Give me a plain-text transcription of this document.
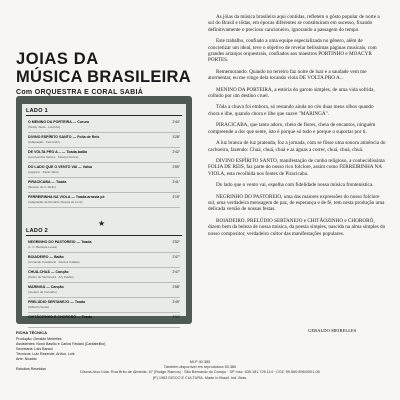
JOIAS DA
MÚSICA BRASILEIRA
Com ORQUESTRA E CORAL SABIÁ
LADO 1
O MENINO DA PORTEIRA — Cururu
(Teddy Vieira · Luizinho)
2'44"
DIVINO ESPÍRITO SANTO — Folia de Reis
(Adaptação · Fernando)
3'28"
DE VOLTA PRO A... — Toada-baião
(Lourival dos Santos · Moacyr Portes)
2'42"
DO LADO QUE O VENTO VAI — Valsa
(Agripino · Paulo Taba)
2'59"
PIRACICABA — Toada
(Newton de A. Mello)
2'41"
FERREIRINHA NA VIOLA — Toada-arrasta pé
(Adaptação de Ronaldo Taveira de Lima)
2'19"
★
LADO 2
NEGRINHO DO PASTOREIO — Toada
(L. C. Barbosa Lessa)
2'52"
BOIADEIRO — Baião
(Armando Cavalcanti · Klécius Caldas)
2'47"
CHUÁ-CHUÁ — Canção
(Pedro de Sá Pereira · Ary Pavão)
2'47"
MARINGÁ — Canção
(Joubert de Carvalho)
2'58"
PRELÚDIO SERTANEJO — Toada
(Gilberto Souto)
2'49"
CHITÃOZINHO E CHORORÓ — Toada
(Serrinha · Athos Campos)
2'34"
FICHA TÉCNICA
Produção: Geraldo Meirelles
Assistentes: Nonô Basílio e Carlos Faviani (Cantabrilho)
Secretaria: Laís Barani
Técnicos: Luiz Rezende, Arthur, Luís
Arte: Nivaldo

Estudios Reunidos

As jóias da música brasileira aqui contidas, refletem o gôsto popular de norte a sul do Brasil e tôdas, em épocas diferentes se constituíram em sucesso, fixando definitivamente o precioso cancioneiro, ignorando a passagem do tempo.

Este trabalho, confiado a uma equipe especializada no gênero, além de concretizar um ideal, teve o objetivo de revelar belíssimas páginas musicais, com grandes arranjos orquestrais, confiados aos maestros PORTINHO e MOACYR PORTES.

Rememorando. Quando no terreiro faz noite de luar e a saudade vem me atormentar, eu me vingo dela tocando viola DE VOLTA PRO A...

MENINO DA PORTEIRA, a estória do garoto simples, de uma vida sofrida, colhido por um destino cruel.

Tôda a chuva foi embora, só restando ainda no céu duas meus olhos quando chora e ilhe, quando chora e ilhe que suave "MARINGÁ".

PIRACICABA, que tanto adoro, cheio de flores, cheia de encantos, ninguém compreende a dor que sente, isto é porque só tudo e porque o suportar por ti.

A luz branca de luz prateada, foz a jornada, com se fôsse uma sonora atinência do cachoeira, fazendo: Chuá, chuá, chuá e as águas a correr, chuá, chuá, chuá.

DIVINO ESPÍRITO SANTO, manifestação de cunho religioso, a conhecidíssima FOLIA DE REIS, faz parte do nosso rico folclore, assim como FERREIRINHA NA VIOLA, esta recolhida nos fontes de Piracicaba.

Do lado que o vento vai, espelha com fidelidade nossa música frontenistica.

NEGRINHO DO PASTOREIO, uma das maiores expressões do nosso folclore sul, uma verdadeira mensagem de paz, de esperança e de fé, tem nesta produção uma delicada versão de nossas festas.

BOIADEIRO, PRELÚDIO SERTANEJO e CHITÃOZINHO e CHORORÓ, dizem bem da beleza de nossa música, da poesia simples, nascida na alma simples do nosso compositor, verdadeiro cultor das manifestações populares.

GERALDO MEIRELLES
MLP 40.380
Também disponível em reprodutora 50.380
Discos Arco Ltda. Rua Brito de Almeida, 67 (Rudge Ramos) · São Bernardo do Campo · SP Insc. 635.181.726.114 · CGC 59.560.896/0001-06
(P) 1983 DISCO E CULTURA. Made in Brazil. Ind. Bras.
